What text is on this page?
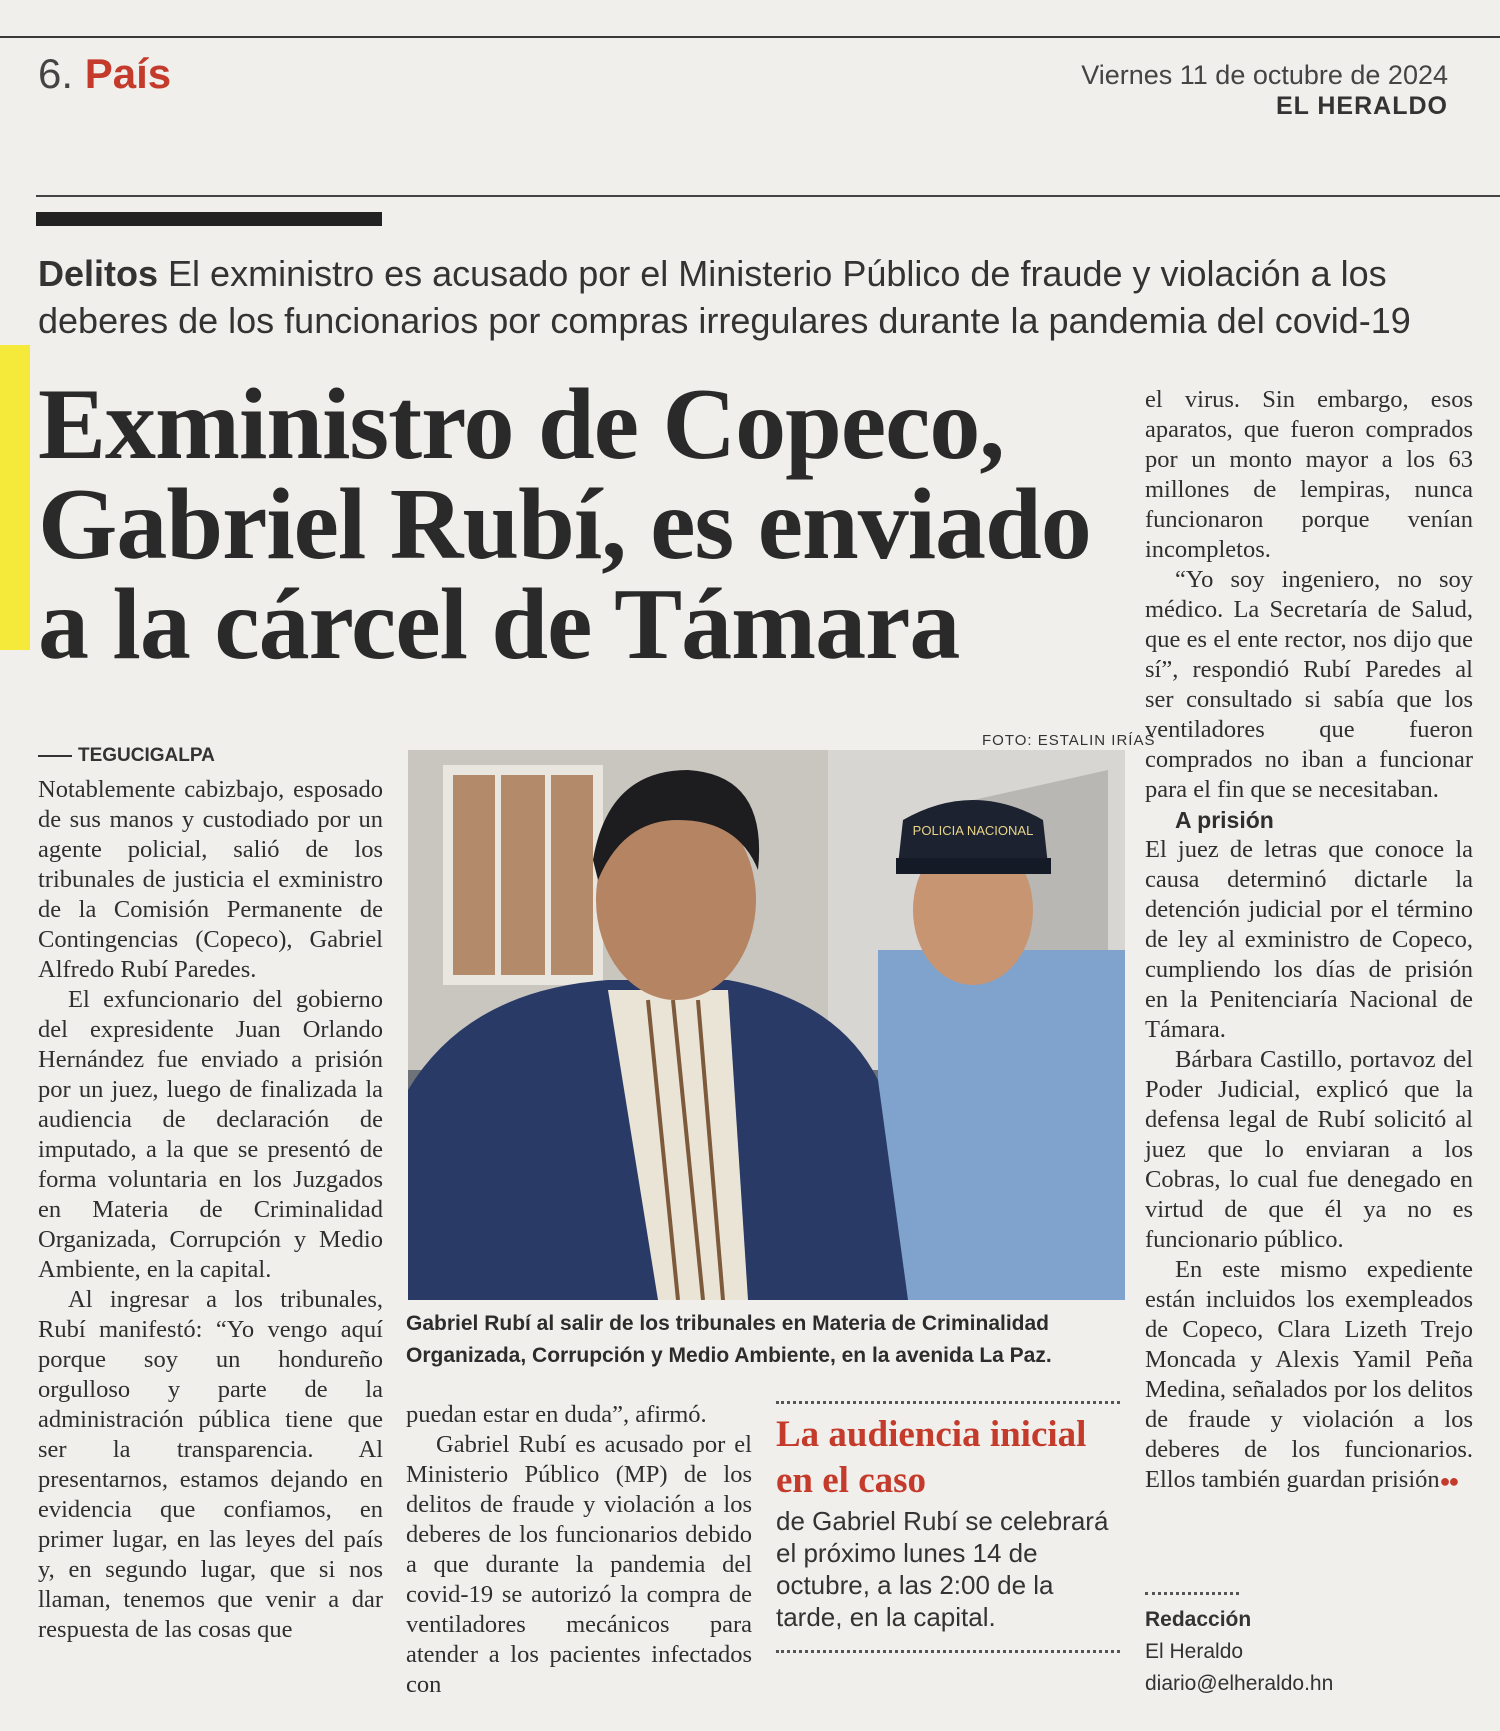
6. País	Viernes 11 de octubre de 2024
EL HERALDO
Delitos El exministro es acusado por el Ministerio Público de fraude y violación a los deberes de los funcionarios por compras irregulares durante la pandemia del covid-19
Exministro de Copeco, Gabriel Rubí, es enviado a la cárcel de Támara
TEGUCIGALPA

Notablemente cabizbajo, esposado de sus manos y custodiado por un agente policial, salió de los tribunales de justicia el exministro de la Comisión Permanente de Contingencias (Copeco), Gabriel Alfredo Rubí Paredes.

El exfuncionario del gobierno del expresidente Juan Orlando Hernández fue enviado a prisión por un juez, luego de finalizada la audiencia de declaración de imputado, a la que se presentó de forma voluntaria en los Juzgados en Materia de Criminalidad Organizada, Corrupción y Medio Ambiente, en la capital.

Al ingresar a los tribunales, Rubí manifestó: “Yo vengo aquí porque soy un hondureño orgulloso y parte de la administración pública tiene que ser la transparencia. Al presentarnos, estamos dejando en evidencia que confiamos, en primer lugar, en las leyes del país y, en segundo lugar, que si nos llaman, tenemos que venir a dar respuesta de las cosas que

FOTO: ESTALIN IRÍAS
POLICIA NACIONAL
Gabriel Rubí al salir de los tribunales en Materia de Criminalidad Organizada, Corrupción y Medio Ambiente, en la avenida La Paz.

puedan estar en duda”, afirmó.

Gabriel Rubí es acusado por el Ministerio Público (MP) de los delitos de fraude y violación a los deberes de los funcionarios debido a que durante la pandemia del covid-19 se autorizó la compra de ventiladores mecánicos para atender a los pacientes infectados con

La audiencia inicial en el caso
de Gabriel Rubí se celebrará el próximo lunes 14 de octubre, a las 2:00 de la tarde, en la capital.

el virus. Sin embargo, esos aparatos, que fueron comprados por un monto mayor a los 63 millones de lempiras, nunca funcionaron porque venían incompletos.

“Yo soy ingeniero, no soy médico. La Secretaría de Salud, que es el ente rector, nos dijo que sí”, respondió Rubí Paredes al ser consultado si sabía que los ventiladores que fueron comprados no iban a funcionar para el fin que se necesitaban.

A prisión

El juez de letras que conoce la causa determinó dictarle la detención judicial por el término de ley al exministro de Copeco, cumpliendo los días de prisión en la Penitenciaría Nacional de Támara.

Bárbara Castillo, portavoz del Poder Judicial, explicó que la defensa legal de Rubí solicitó al juez que lo enviaran a los Cobras, lo cual fue denegado en virtud de que él ya no es funcionario público.

En este mismo expediente están incluidos los exempleados de Copeco, Clara Lizeth Trejo Moncada y Alexis Yamil Peña Medina, señalados por los delitos de fraude y violación a los deberes de los funcionarios. Ellos también guardan prisión●●

Redacción
El Heraldo
diario@elheraldo.hn
